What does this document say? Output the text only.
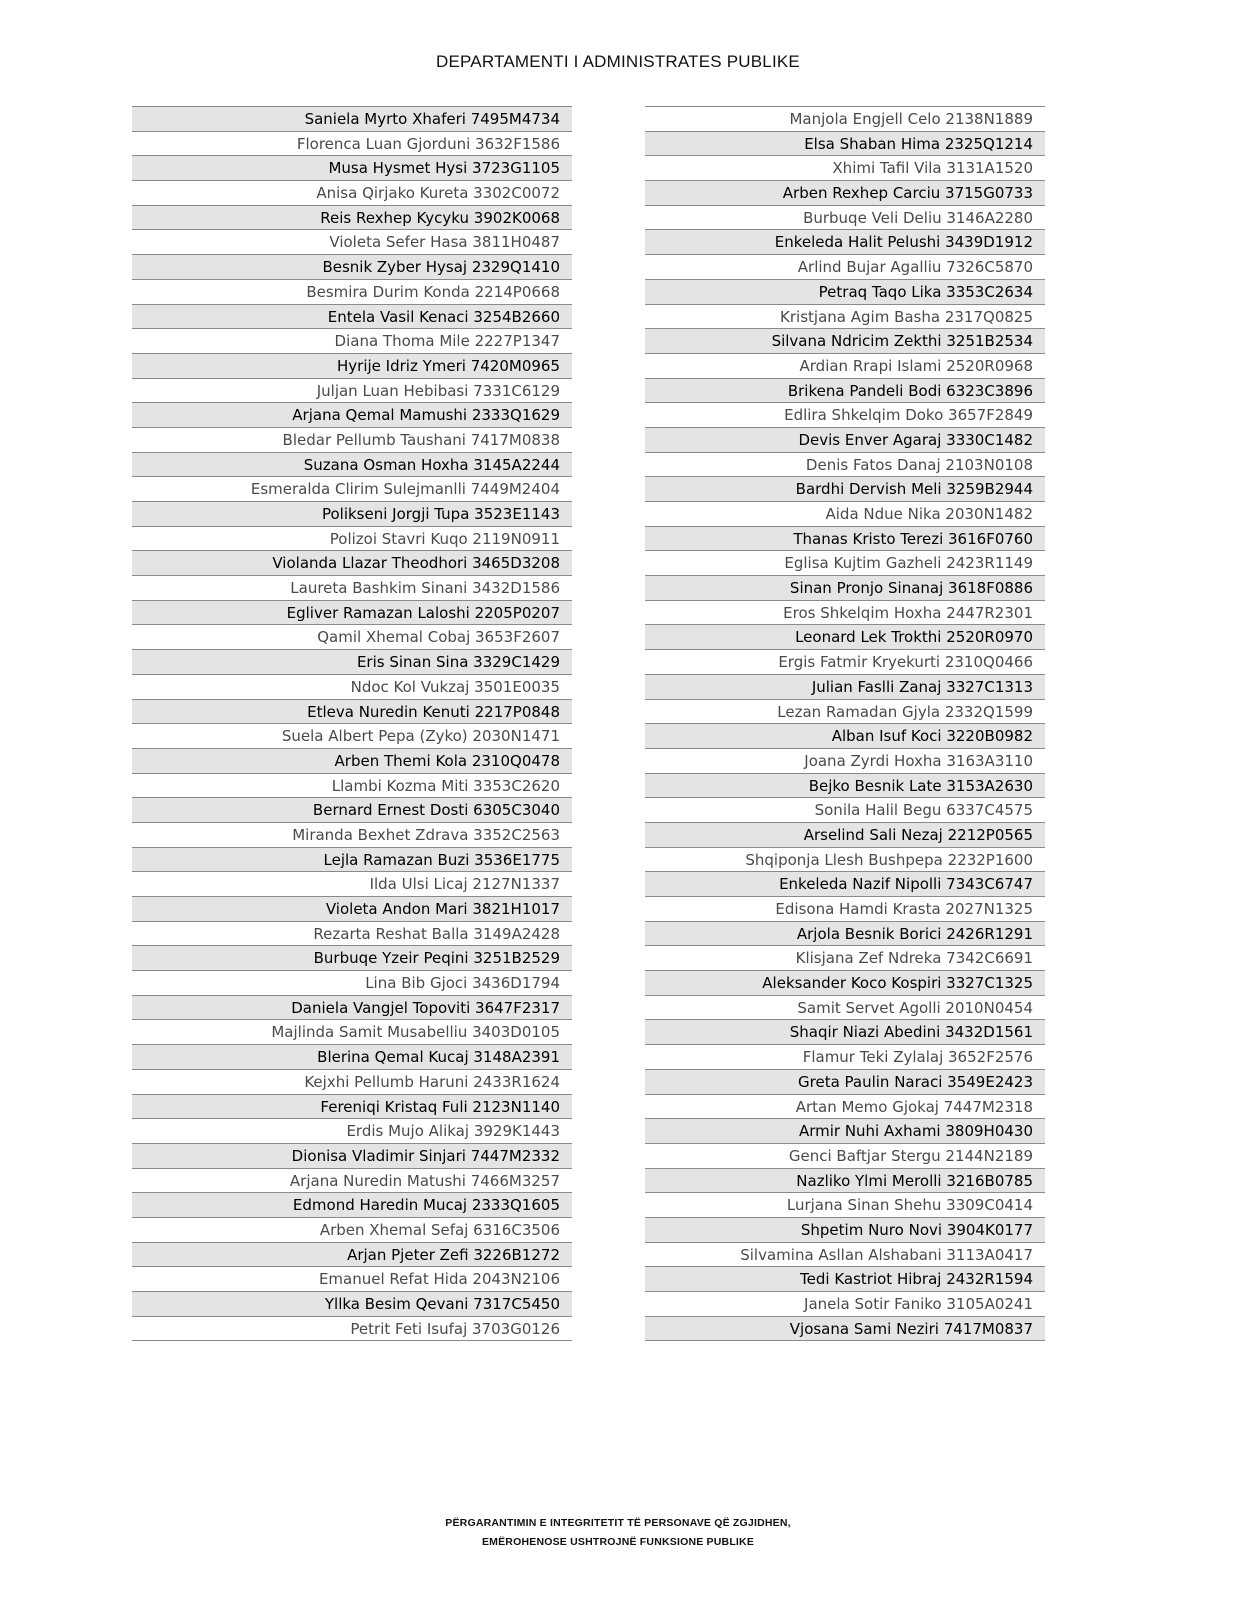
DEPARTAMENTI I ADMINISTRATES PUBLIKE
Saniela Myrto Xhaferi 7495M4734
Florenca Luan Gjorduni 3632F1586
Musa Hysmet Hysi 3723G1105
Anisa Qirjako Kureta 3302C0072
Reis Rexhep Kycyku 3902K0068
Violeta Sefer Hasa 3811H0487
Besnik Zyber Hysaj 2329Q1410
Besmira Durim Konda 2214P0668
Entela Vasil Kenaci 3254B2660
Diana Thoma Mile 2227P1347
Hyrije Idriz Ymeri 7420M0965
Juljan Luan Hebibasi 7331C6129
Arjana Qemal Mamushi 2333Q1629
Bledar Pellumb Taushani 7417M0838
Suzana Osman Hoxha 3145A2244
Esmeralda Clirim Sulejmanlli 7449M2404
Polikseni Jorgji Tupa 3523E1143
Polizoi Stavri Kuqo 2119N0911
Violanda Llazar Theodhori 3465D3208
Laureta Bashkim Sinani 3432D1586
Egliver Ramazan Laloshi 2205P0207
Qamil Xhemal Cobaj 3653F2607
Eris Sinan Sina 3329C1429
Ndoc Kol Vukzaj 3501E0035
Etleva Nuredin Kenuti 2217P0848
Suela Albert Pepa (Zyko) 2030N1471
Arben Themi Kola 2310Q0478
Llambi Kozma Miti 3353C2620
Bernard Ernest Dosti 6305C3040
Miranda Bexhet Zdrava 3352C2563
Lejla Ramazan Buzi 3536E1775
Ilda Ulsi Licaj 2127N1337
Violeta Andon Mari 3821H1017
Rezarta Reshat Balla 3149A2428
Burbuqe Yzeir Peqini 3251B2529
Lina Bib Gjoci 3436D1794
Daniela Vangjel Topoviti 3647F2317
Majlinda Samit Musabelliu 3403D0105
Blerina Qemal Kucaj 3148A2391
Kejxhi Pellumb Haruni 2433R1624
Fereniqi Kristaq Fuli 2123N1140
Erdis Mujo Alikaj 3929K1443
Dionisa Vladimir Sinjari 7447M2332
Arjana Nuredin Matushi 7466M3257
Edmond Haredin Mucaj 2333Q1605
Arben Xhemal Sefaj 6316C3506
Arjan Pjeter Zefi 3226B1272
Emanuel Refat Hida 2043N2106
Yllka Besim Qevani 7317C5450
Petrit Feti Isufaj 3703G0126
Manjola Engjell Celo 2138N1889
Elsa Shaban Hima 2325Q1214
Xhimi Tafil Vila 3131A1520
Arben Rexhep Carciu 3715G0733
Burbuqe Veli Deliu 3146A2280
Enkeleda Halit Pelushi 3439D1912
Arlind Bujar Agalliu 7326C5870
Petraq Taqo Lika 3353C2634
Kristjana Agim Basha 2317Q0825
Silvana Ndricim Zekthi 3251B2534
Ardian Rrapi Islami 2520R0968
Brikena Pandeli Bodi 6323C3896
Edlira Shkelqim Doko 3657F2849
Devis Enver Agaraj 3330C1482
Denis Fatos Danaj 2103N0108
Bardhi Dervish Meli 3259B2944
Aida Ndue Nika 2030N1482
Thanas Kristo Terezi 3616F0760
Eglisa Kujtim Gazheli 2423R1149
Sinan Pronjo Sinanaj 3618F0886
Eros Shkelqim Hoxha 2447R2301
Leonard Lek Trokthi 2520R0970
Ergis Fatmir Kryekurti 2310Q0466
Julian Faslli Zanaj 3327C1313
Lezan Ramadan Gjyla 2332Q1599
Alban Isuf Koci 3220B0982
Joana Zyrdi Hoxha 3163A3110
Bejko Besnik Late 3153A2630
Sonila Halil Begu 6337C4575
Arselind Sali Nezaj 2212P0565
Shqiponja Llesh Bushpepa 2232P1600
Enkeleda Nazif Nipolli 7343C6747
Edisona Hamdi Krasta 2027N1325
Arjola Besnik Borici 2426R1291
Klisjana Zef Ndreka 7342C6691
Aleksander Koco Kospiri 3327C1325
Samit Servet Agolli 2010N0454
Shaqir Niazi Abedini 3432D1561
Flamur Teki Zylalaj 3652F2576
Greta Paulin Naraci 3549E2423
Artan Memo Gjokaj 7447M2318
Armir Nuhi Axhami 3809H0430
Genci Baftjar Stergu 2144N2189
Nazliko Ylmi Merolli 3216B0785
Lurjana Sinan Shehu 3309C0414
Shpetim Nuro Novi 3904K0177
Silvamina Asllan Alshabani 3113A0417
Tedi Kastriot Hibraj 2432R1594
Janela Sotir Faniko 3105A0241
Vjosana Sami Neziri 7417M0837
PËRGARANTIMIN E INTEGRITETIT TË PERSONAVE QË ZGJIDHEN,
EMËROHENOSE USHTROJNË FUNKSIONE PUBLIKE
